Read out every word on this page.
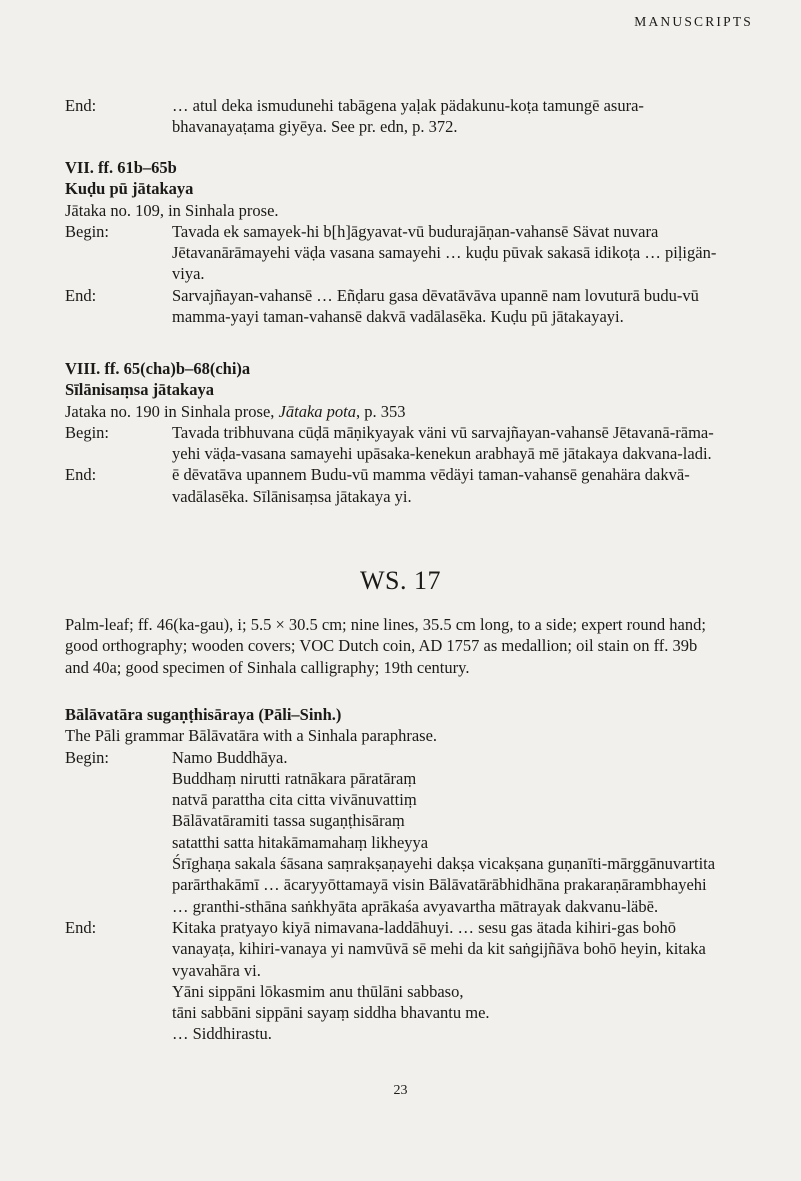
MANUSCRIPTS
End:	… atul deka ismudunehi tabāgena yaḷak pädakunu-koṭa tamungē asura-
bhavanayaṭama giyēya. See pr. edn, p. 372.
VII. ff. 61b–65b
Kuḍu pū jātakaya
Jātaka no. 109, in Sinhala prose.
Begin:	Tavada ek samayek-hi b[h]āgyavat-vū budurajāṇan-vahansē Sävat nuvara
Jētavanārāmayehi väḍa vasana samayehi … kuḍu pūvak sakasā idikoṭa … piḷigän-
viya.
End:	Sarvajñayan-vahansē … Eñḍaru gasa dēvatāvāva upannē nam lovuturā budu-vū
mamma-yayi taman-vahansē dakvā vadālasēka. Kuḍu pū jātakayayi.
VIII. ff. 65(cha)b–68(chi)a
Sīlānisaṃsa jātakaya
Jataka no. 190 in Sinhala prose, Jātaka pota, p. 353
Begin:	Tavada tribhuvana cūḍā māṇikyayak väni vū sarvajñayan-vahansē Jētavanā-rāma-
yehi väḍa-vasana samayehi upāsaka-kenekun arabhayā mē jātakaya dakvana-ladi.
End:	ē dēvatāva upannem Budu-vū mamma vēdäyi taman-vahansē genahära dakvā-
vadālasēka. Sīlānisaṃsa jātakaya yi.
WS. 17
Palm-leaf; ff. 46(ka-gau), i; 5.5 × 30.5 cm; nine lines, 35.5 cm long, to a side; expert round hand;
good orthography; wooden covers; VOC Dutch coin, AD 1757 as medallion; oil stain on ff. 39b
and 40a; good specimen of Sinhala calligraphy; 19th century.
Bālāvatāra sugaṇṭhisāraya (Pāli–Sinh.)
The Pāli grammar Bālāvatāra with a Sinhala paraphrase.
Begin:	Namo Buddhāya.
Buddhaṃ nirutti ratnākara pāratāraṃ
natvā parattha cita citta vivānuvattiṃ
Bālāvatāramiti tassa sugaṇṭhisāraṃ
satatthi satta hitakāmamahaṃ likheyya
Śrīghaṇa sakala śāsana saṃrakṣaṇayehi dakṣa vicakṣana guṇanīti-mārggānuvartita
parārthakāmī … ācaryyōttamayā visin Bālāvatārābhidhāna prakaraṇārambhayehi
… granthi-sthāna saṅkhyāta aprākaśa avyavartha mātrayak dakvanu-läbē.
End:	Kitaka pratyayo kiyā nimavana-laddāhuyi. … sesu gas ätada kihiri-gas bohō
vanayaṭa, kihiri-vanaya yi namvūvā sē mehi da kit saṅgijñāva bohō heyin, kitaka
vyavahāra vi.
Yāni sippāni lōkasmim anu thūlāni sabbaso,
tāni sabbāni sippāni sayaṃ siddha bhavantu me.
… Siddhirastu.
23
